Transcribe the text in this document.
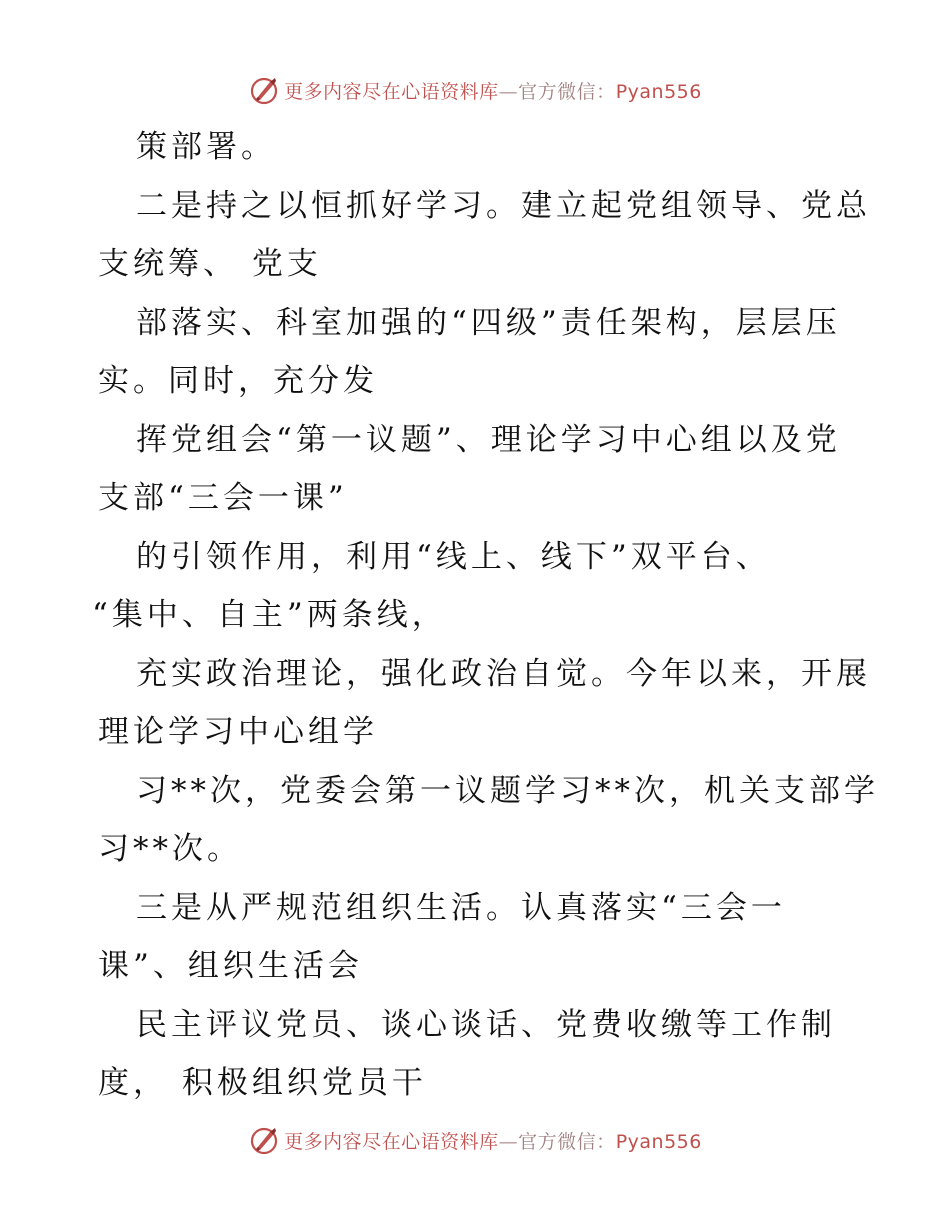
更多内容尽在心语资料库—官方微信：Pyan556
策部署。
二是持之以恒抓好学习。建立起党组领导、党总
支统筹、 党支
部落实、科室加强的“四级”责任架构，层层压
实。同时，充分发
挥党组会“第一议题”、理论学习中心组以及党
支部“三会一课”
的引领作用，利用“线上、线下”双平台、
“集中、自主”两条线，
充实政治理论，强化政治自觉。今年以来，开展
理论学习中心组学
习**次，党委会第一议题学习**次，机关支部学
习**次。
三是从严规范组织生活。认真落实“三会一
课”、组织生活会
民主评议党员、谈心谈话、党费收缴等工作制
度， 积极组织党员干
更多内容尽在心语资料库—官方微信：Pyan556
